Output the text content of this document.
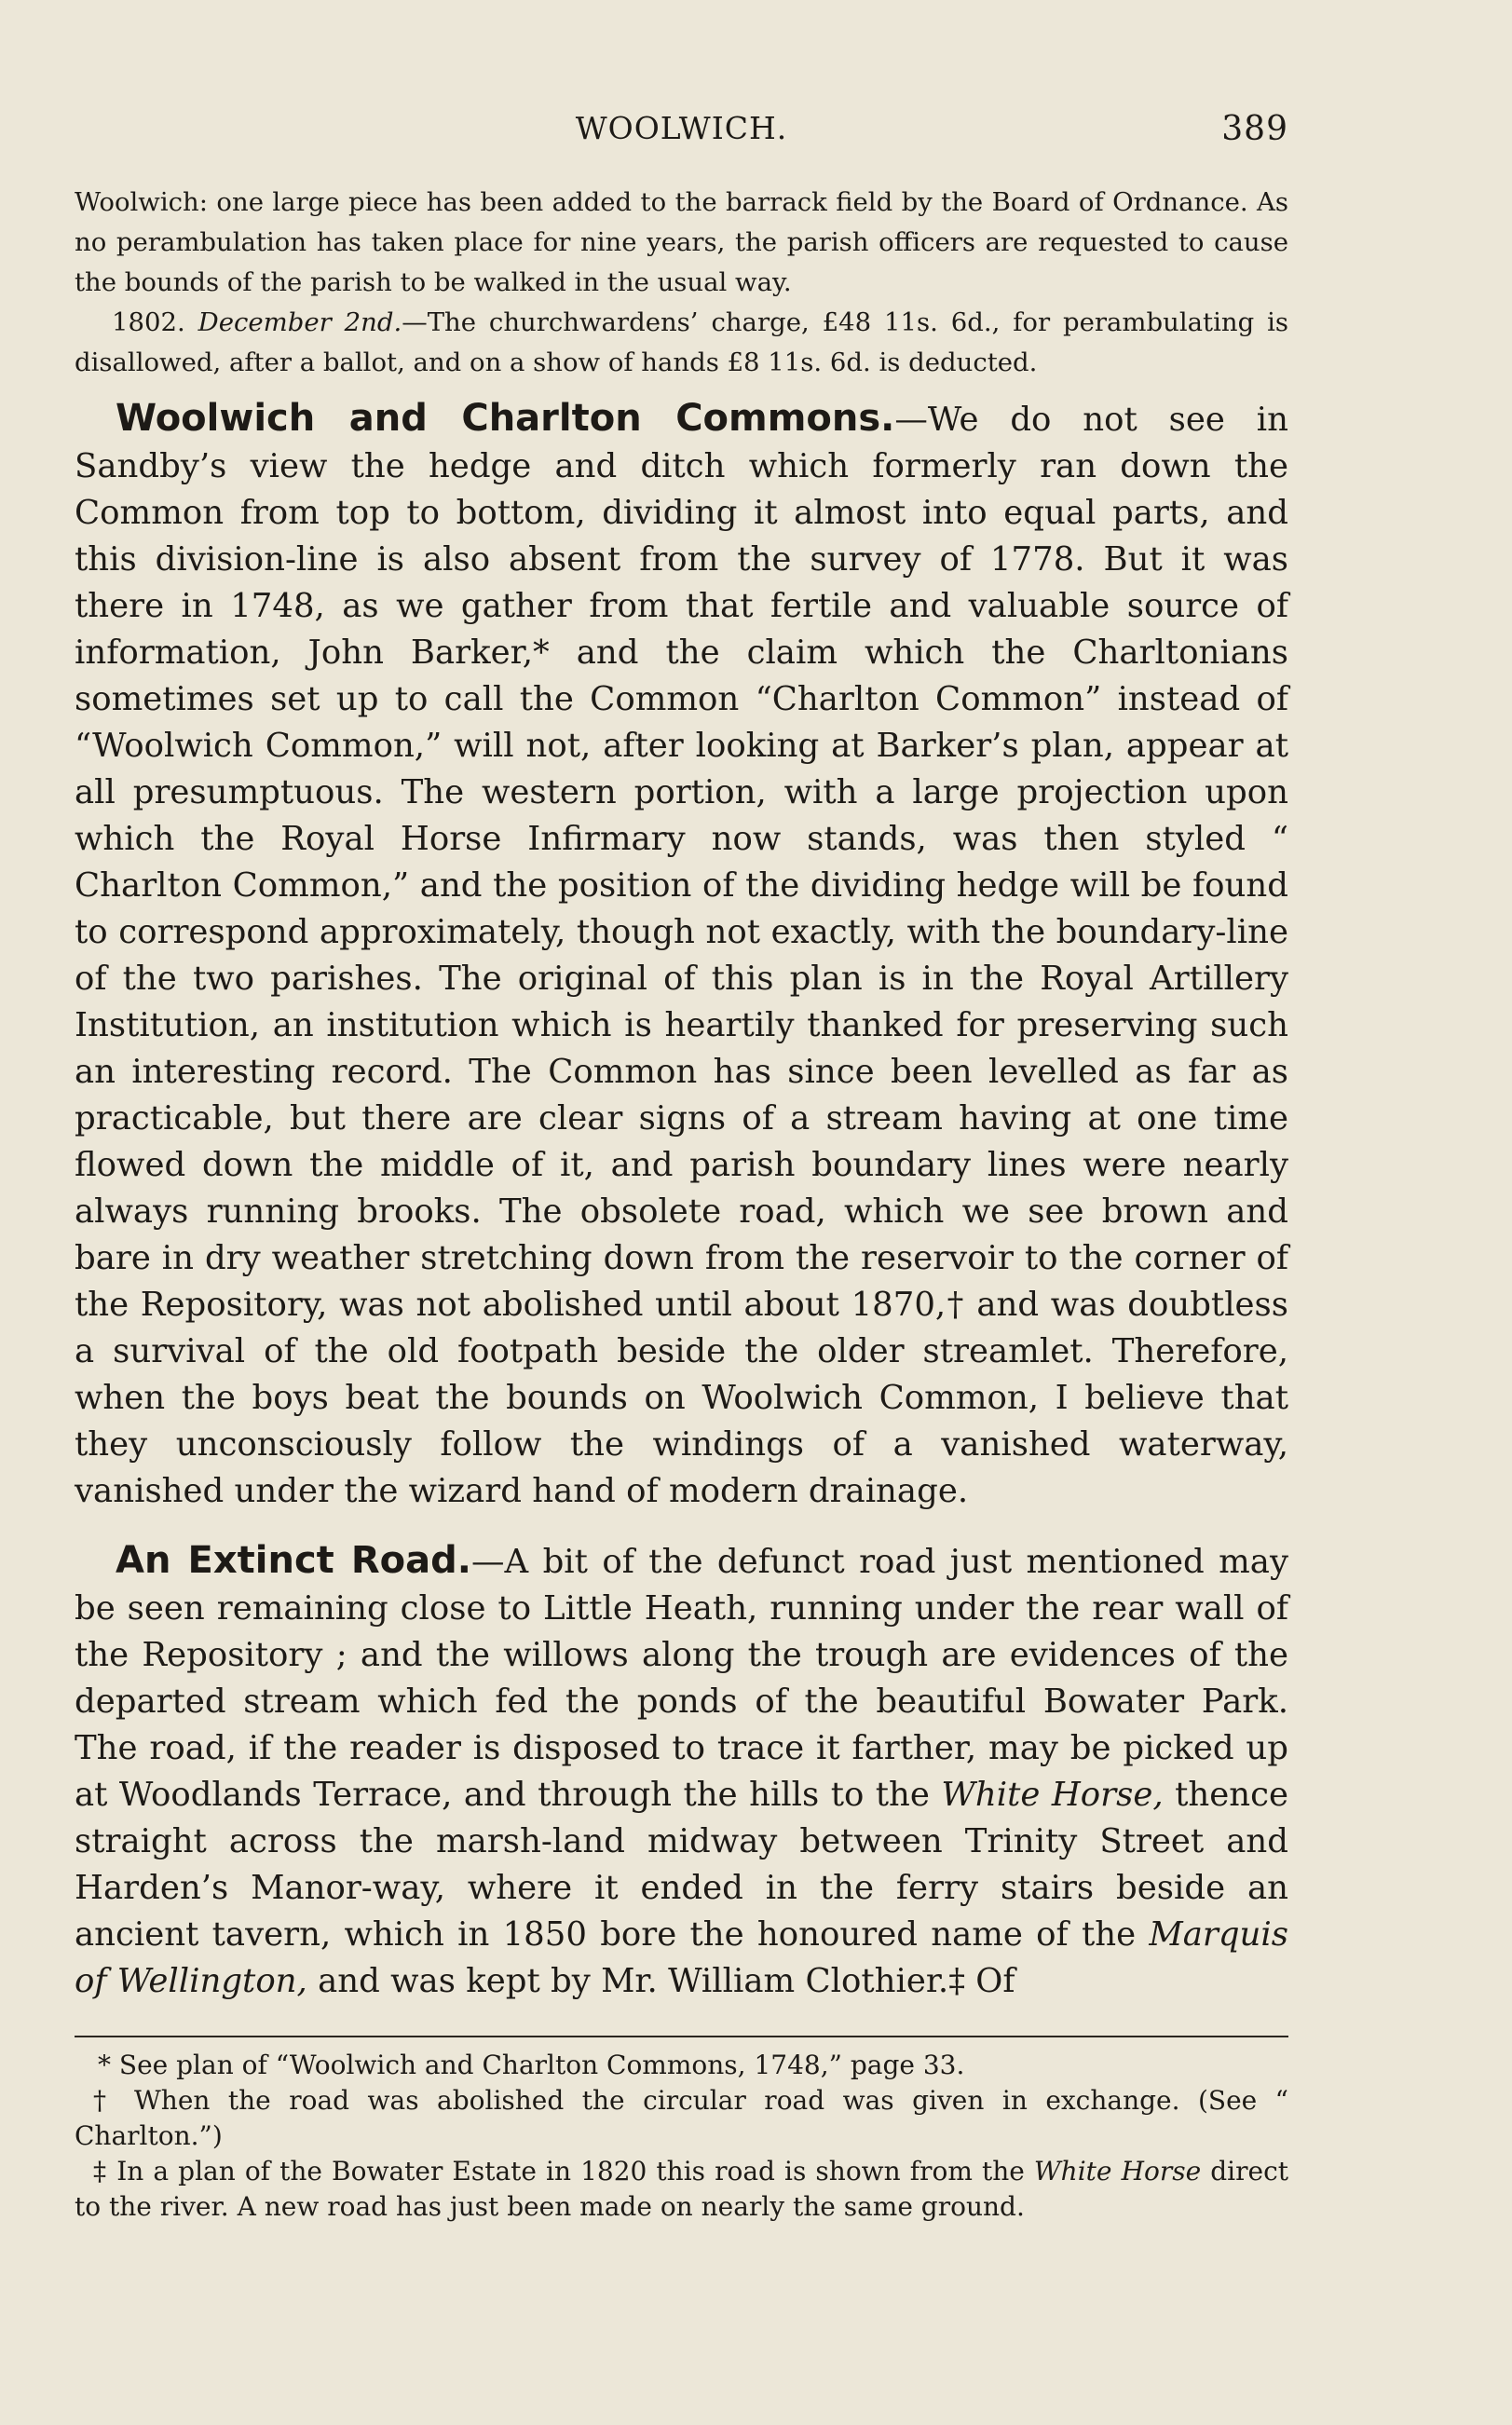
WOOLWICH.	389

Woolwich: one large piece has been added to the barrack field by the Board of Ordnance. As no perambulation has taken place for nine years, the parish officers are requested to cause the bounds of the parish to be walked in the usual way.

1802. December 2nd.—The churchwardens’ charge, £48 11s. 6d., for perambulating is disallowed, after a ballot, and on a show of hands £8 11s. 6d. is deducted.

Woolwich and Charlton Commons.—We do not see in Sandby’s view the hedge and ditch which formerly ran down the Common from top to bottom, dividing it almost into equal parts, and this division-line is also absent from the survey of 1778. But it was there in 1748, as we gather from that fertile and valuable source of information, John Barker,* and the claim which the Charltonians sometimes set up to call the Common “Charlton Common” instead of “Woolwich Common,” will not, after looking at Barker’s plan, appear at all presumptuous. The western portion, with a large projection upon which the Royal Horse Infirmary now stands, was then styled “ Charlton Common,” and the position of the dividing hedge will be found to correspond approximately, though not exactly, with the boundary-line of the two parishes. The original of this plan is in the Royal Artillery Institution, an institution which is heartily thanked for preserving such an interesting record. The Common has since been levelled as far as practicable, but there are clear signs of a stream having at one time flowed down the middle of it, and parish boundary lines were nearly always running brooks. The obsolete road, which we see brown and bare in dry weather stretching down from the reservoir to the corner of the Repository, was not abolished until about 1870,† and was doubtless a survival of the old footpath beside the older streamlet. Therefore, when the boys beat the bounds on Woolwich Common, I believe that they unconsciously follow the windings of a vanished waterway, vanished under the wizard hand of modern drainage.

An Extinct Road.—A bit of the defunct road just mentioned may be seen remaining close to Little Heath, running under the rear wall of the Repository ; and the willows along the trough are evidences of the departed stream which fed the ponds of the beautiful Bowater Park. The road, if the reader is disposed to trace it farther, may be picked up at Woodlands Terrace, and through the hills to the White Horse, thence straight across the marsh-land midway between Trinity Street and Harden’s Manor-way, where it ended in the ferry stairs beside an ancient tavern, which in 1850 bore the honoured name of the Marquis of Wellington, and was kept by Mr. William Clothier.‡ Of

* See plan of “Woolwich and Charlton Commons, 1748,” page 33.

† When the road was abolished the circular road was given in exchange. (See “ Charlton.”)

‡ In a plan of the Bowater Estate in 1820 this road is shown from the White Horse direct to the river. A new road has just been made on nearly the same ground.
